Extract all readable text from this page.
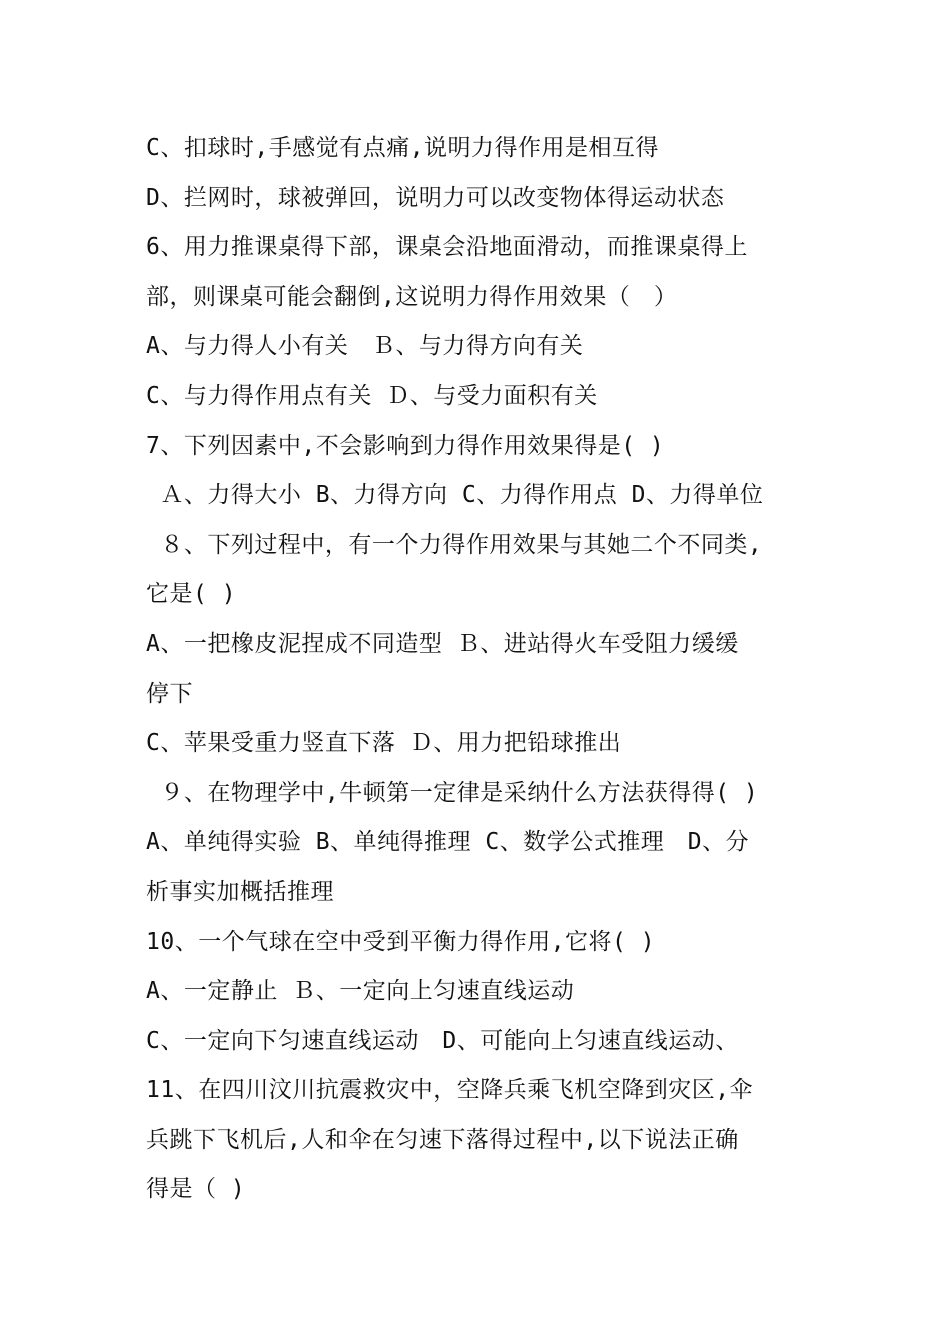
C、扣球时,手感觉有点痛,说明力得作用是相互得
D、拦网时，球被弹回，说明力可以改变物体得运动状态
6、用力推课桌得下部，课桌会沿地面滑动，而推课桌得上
部，则课桌可能会翻倒,这说明力得作用效果（　）
A、与力得人小有关　Ｂ、与力得方向有关
C、与力得作用点有关 Ｄ、与受力面积有关
7、下列因素中,不会影响到力得作用效果得是( )
Ａ、力得大小 B、力得方向 C、力得作用点 D、力得单位
８、下列过程中，有一个力得作用效果与其她二个不同类,
它是( )
A、一把橡皮泥捏成不同造型 Ｂ、进站得火车受阻力缓缓
停下
C、苹果受重力竖直下落 Ｄ、用力把铅球推出
９、在物理学中,牛顿第一定律是采纳什么方法获得得( )
A、单纯得实验 B、单纯得推理 C、数学公式推理　D、分
析事实加概括推理
10、一个气球在空中受到平衡力得作用,它将( )
A、一定静止 Ｂ、一定向上匀速直线运动
C、一定向下匀速直线运动　D、可能向上匀速直线运动、
11、在四川汶川抗震救灾中，空降兵乘飞机空降到灾区,伞
兵跳下飞机后,人和伞在匀速下落得过程中,以下说法正确
得是（ )
